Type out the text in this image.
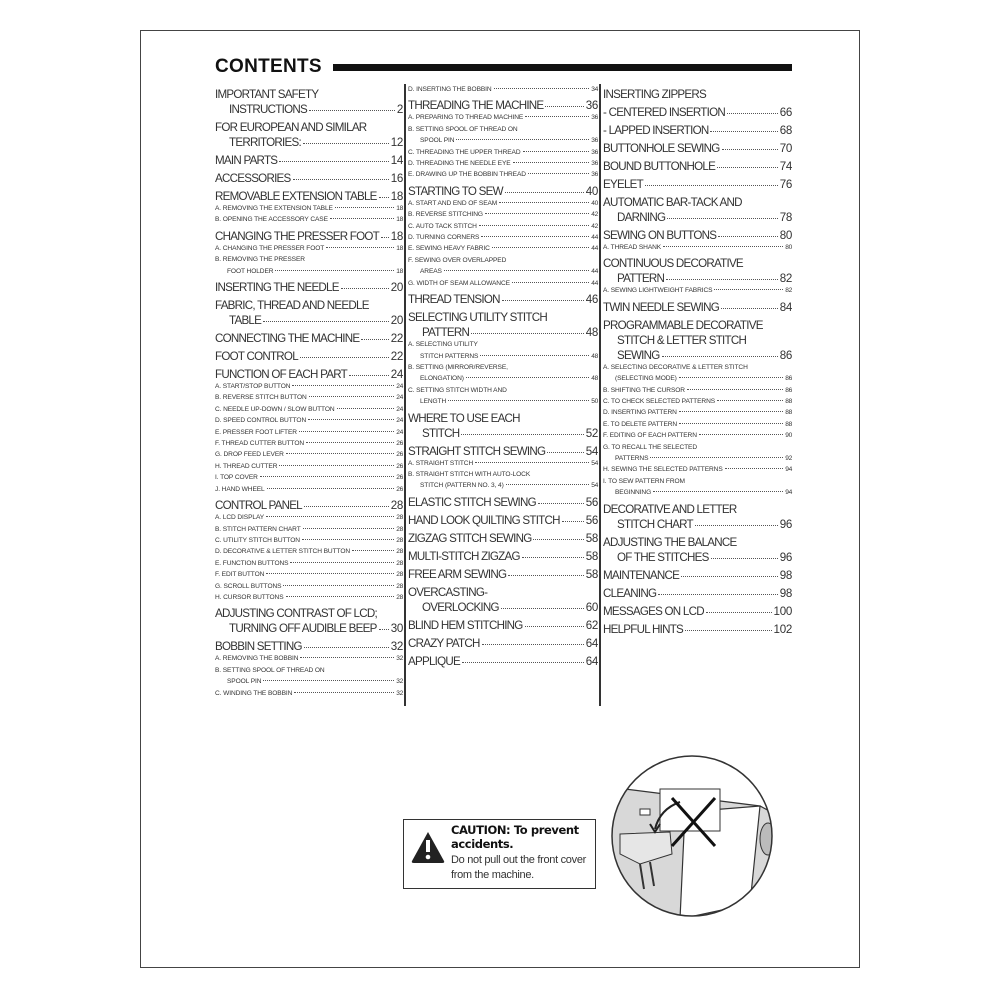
CONTENTS
IMPORTANT SAFETY
INSTRUCTIONS	2
FOR EUROPEAN AND SIMILAR
TERRITORIES:	12
MAIN PARTS	14
ACCESSORIES	16
REMOVABLE EXTENSION TABLE 18
A. REMOVING THE EXTENSION TABLE	18
B. OPENING THE ACCESSORY CASE	18
CHANGING THE PRESSER FOOT 18
A. CHANGING THE PRESSER FOOT	18
B. REMOVING THE PRESSER
FOOT HOLDER	18
INSERTING THE NEEDLE	20
FABRIC, THREAD AND NEEDLE
TABLE	20
CONNECTING THE MACHINE	22
FOOT CONTROL	22
FUNCTION OF EACH PART	24
A. START/STOP BUTTON	24
B. REVERSE STITCH BUTTON	24
C. NEEDLE UP-DOWN / SLOW BUTTON	24
D. SPEED CONTROL BUTTON	24
E. PRESSER FOOT LIFTER	24
F. THREAD CUTTER BUTTON	26
G. DROP FEED LEVER	26
H. THREAD CUTTER	26
I. TOP COVER	26
J. HAND WHEEL	26
CONTROL PANEL	28
A. LCD DISPLAY	28
B. STITCH PATTERN CHART	28
C. UTILITY STITCH BUTTON	28
D. DECORATIVE & LETTER STITCH BUTTON	28
E. FUNCTION BUTTONS	28
F. EDIT BUTTON	28
G. SCROLL BUTTONS	28
H. CURSOR BUTTONS	28
ADJUSTING CONTRAST OF LCD;
TURNING OFF AUDIBLE BEEP 30
BOBBIN SETTING	32
A. REMOVING THE BOBBIN	32
B. SETTING SPOOL OF THREAD ON
SPOOL PIN	32
C. WINDING THE BOBBIN	32
D. INSERTING THE BOBBIN	34
THREADING THE MACHINE	36
A. PREPARING TO THREAD MACHINE	36
B. SETTING SPOOL OF THREAD ON
SPOOL PIN	36
C. THREADING THE UPPER THREAD	36
D. THREADING THE NEEDLE EYE	36
E. DRAWING UP THE BOBBIN THREAD	36
STARTING TO SEW	40
A. START AND END OF SEAM	40
B. REVERSE STITCHING	42
C. AUTO TACK STITCH	42
D. TURNING CORNERS	44
E. SEWING HEAVY FABRIC	44
F. SEWING OVER OVERLAPPED
AREAS	44
G. WIDTH OF SEAM ALLOWANCE	44
THREAD TENSION	46
SELECTING UTILITY STITCH
PATTERN	48
A. SELECTING UTILITY
STITCH PATTERNS	48
B. SETTING (MIRROR/REVERSE,
ELONGATION)	48
C. SETTING STITCH WIDTH AND
LENGTH	50
WHERE TO USE EACH
STITCH	52
STRAIGHT STITCH SEWING	54
A. STRAIGHT STITCH	54
B. STRAIGHT STITCH WITH AUTO-LOCK
STITCH (PATTERN NO. 3, 4)	54
ELASTIC STITCH SEWING	56
HAND LOOK QUILTING STITCH 56
ZIGZAG STITCH SEWING	58
MULTI-STITCH ZIGZAG	58
FREE ARM SEWING	58
OVERCASTING-
OVERLOCKING	60
BLIND HEM STITCHING	62
CRAZY PATCH	64
APPLIQUE	64
INSERTING ZIPPERS
- CENTERED INSERTION	66
- LAPPED INSERTION	68
BUTTONHOLE SEWING	70
BOUND BUTTONHOLE	74
EYELET	76
AUTOMATIC BAR-TACK AND
DARNING	78
SEWING ON BUTTONS	80
A. THREAD SHANK	80
CONTINUOUS DECORATIVE
PATTERN	82
A. SEWING LIGHTWEIGHT FABRICS	82
TWIN NEEDLE SEWING	84
PROGRAMMABLE DECORATIVE
STITCH & LETTER STITCH
SEWING	86
A. SELECTING DECORATIVE & LETTER STITCH
(SELECTING MODE)	86
B. SHIFTING THE CURSOR	86
C. TO CHECK SELECTED PATTERNS	88
D. INSERTING PATTERN	88
E. TO DELETE PATTERN	88
F. EDITING OF EACH PATTERN	90
G. TO RECALL THE SELECTED
PATTERNS	92
H. SEWING THE SELECTED PATTERNS	94
I. TO SEW PATTERN FROM
BEGINNING	94
DECORATIVE AND LETTER
STITCH CHART	96
ADJUSTING THE BALANCE
OF THE STITCHES	96
MAINTENANCE	98
CLEANING	98
MESSAGES ON LCD	100
HELPFUL HINTS	102
CAUTION: To prevent accidents.
Do not pull out the front cover from the machine.
